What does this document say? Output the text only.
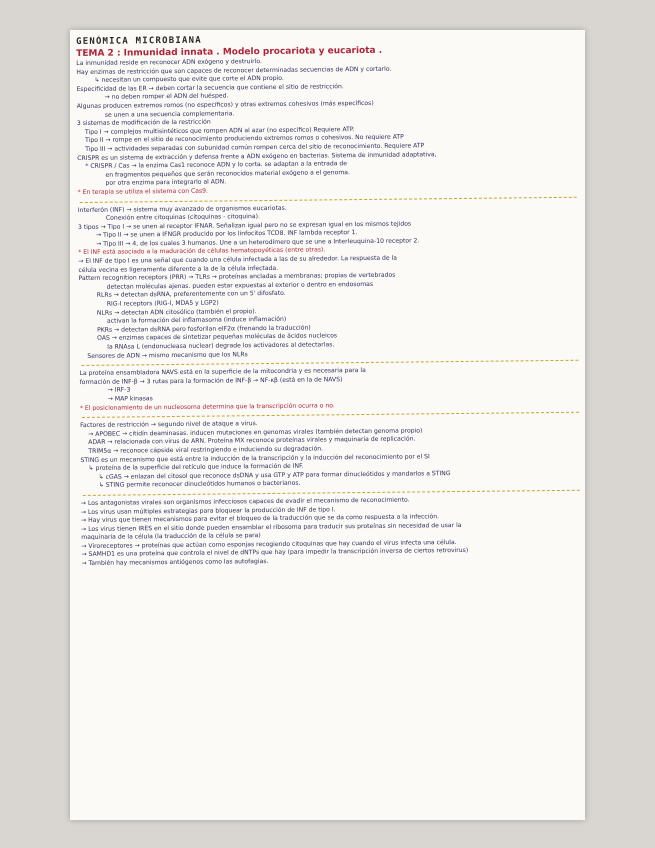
GENÓMICA MICROBIANA
TEMA 2 : Inmunidad innata . Modelo procariota y eucariota .
La inmunidad reside en reconocer ADN exógeno y destruirlo.
Hay enzimas de restricción que son capaces de reconocer determinadas secuencias de ADN y cortarlo.
↳ necesitan un compuesto que evite que corte el ADN propio.
Especificidad de las ER → deben cortar la secuencia que contiene el sitio de restricción.
→ no deben romper el ADN del huésped.
Algunas producen extremos romos (no específicos) y otras extremos cohesivos (más específicos)
se unen a una secuencia complementaria.
3 sistemas de modificación de la restricción
Tipo I → complejos multisintéticos que rompen ADN al azar (no específico) Requiere ATP.
Tipo II → rompe en el sitio de reconocimiento produciendo extremos romos o cohesivos. No requiere ATP
Tipo III → actividades separadas con subunidad común rompen cerca del sitio de reconocimiento. Requiere ATP
CRISPR es un sistema de extracción y defensa frente a ADN exógeno en bacterias. Sistema de inmunidad adaptativa,
* CRISPR / Cas → la enzima Cas1 reconoce ADN y lo corta. se adaptan a la entrada de
en fragmentos pequeños que serán reconocidos material exógeno a el genoma.
por otra enzima para integrarlo al ADN.
* En terapia se utiliza el sistema con Cas9.
Interferón (INF) → sistema muy avanzado de organismos eucariotas.
Conexión entre citoquinas (citoquinas - citoquina).
3 tipos → Tipo I → se unen al receptor IFNAR. Señalizan igual pero no se expresan igual en los mismos tejidos
→ Tipo II → se unen a IFNGR producido por los linfocitos TCD8. INF lambda receptor 1.
→ Tipo III → 4, de los cuales 3 humanos. Une a un heterodímero que se une a Interleuquina-10 receptor 2.
* El INF está asociado a la maduración de células hematopoyéticas (entre otras).
→ El INF de tipo I es una señal que cuando una célula infectada a las de su alrededor. La respuesta de la
célula vecina es ligeramente diferente a la de la célula infectada.
Pattern recognition receptors (PRR) → TLRs → proteínas ancladas a membranas; propias de vertebrados
detectan moléculas ajenas. pueden estar expuestas al exterior o dentro en endosomas
RLRs → detectan dsRNA, preferentemente con un 5' difosfato.
RIG-I receptors (RIG-I, MDA5 y LGP2)
NLRs → detectan ADN citosólico (también el propio).
activan la formación del inflamasoma (induce inflamación)
PKRs → detectan dsRNA pero fosforilan eIF2α (frenando la traducción)
OAS → enzimas capaces de sintetizar pequeñas moléculas de ácidos nucleicos
la RNAsa L (endonucleasa nuclear) degrade los activadores al detectarlas.
Sensores de ADN → mismo mecanismo que los NLRs
La proteína ensambladora NAVS está en la superficie de la mitocondria y es necesaria para la
formación de INF-β → 3 rutas para la formación de INF-β → NF-κβ (está en la de NAVS)
→ IRF-3
→ MAP kinasas
* El posicionamiento de un nucleosoma determina que la transcripción ocurra o no.
Factores de restricción → segundo nivel de ataque a virus.
→ APOBEC → citidín deaminasas. inducen mutaciones en genomas virales (también detectan genoma propio)
ADAR → relacionada con virus de ARN. Proteína MX reconoce proteínas virales y maquinaria de replicación.
TRIM5α → reconoce cápside viral restringiendo e induciendo su degradación.
STING es un mecanismo que está entre la inducción de la transcripción y la inducción del reconocimiento por el SI
↳ proteína de la superficie del retículo que induce la formación de INF.
↳ cGAS → enlazan del citosol que reconoce dsDNA y usa GTP y ATP para formar dinucleótidos y mandarlos a STING
↳ STING permite reconocer dinucleótidos humanos o bacterianos.
→ Los antagonistas virales son organismos infecciosos capaces de evadir el mecanismo de reconocimiento.
→ Los virus usan múltiples estrategias para bloquear la producción de INF de tipo I.
→ Hay virus que tienen mecanismos para evitar el bloqueo de la traducción que se da como respuesta a la infección.
→ Los virus tienen IRES en el sitio donde pueden ensamblar el ribosoma para traducir sus proteínas sin necesidad de usar la
maquinaria de la célula (la traducción de la célula se para)
→ Viroreceptores → proteínas que actúan como esponjas recogiendo citoquinas que hay cuando el virus infecta una célula.
→ SAMHD1 es una proteína que controla el nivel de dNTPs que hay (para impedir la transcripción inversa de ciertos retrovirus)
→ También hay mecanismos antiógenos como las autofagias.
